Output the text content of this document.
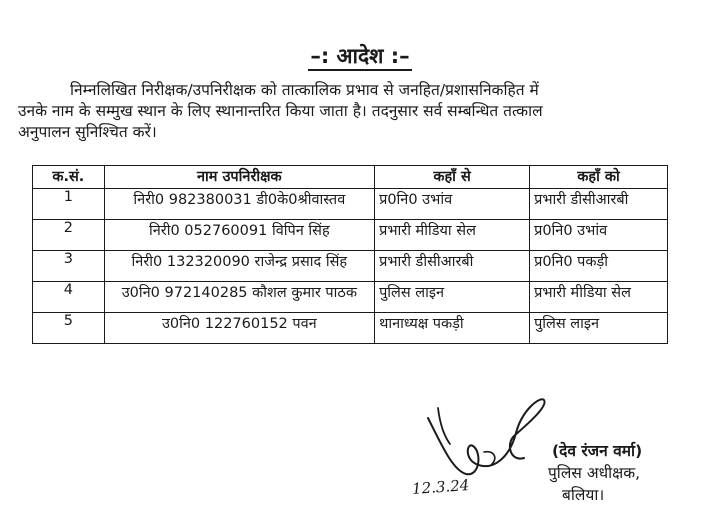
–: आदेश :–
निम्नलिखित निरीक्षक/उपनिरीक्षक को तात्कालिक प्रभाव से जनहित/प्रशासनिकहित में
उनके नाम के सम्मुख स्थान के लिए स्थानान्तरित किया जाता है। तदनुसार सर्व सम्बन्धित तत्काल
अनुपालन सुनिश्चित करें।
क.सं.	नाम उपनिरीक्षक	कहाँ से	कहाँ को
1	निरी0 982380031 डी0के0श्रीवास्तव	प्र0नि0 उभांव	प्रभारी डीसीआरबी
2	निरी0 052760091 विपिन सिंह	प्रभारी मीडिया सेल	प्र0नि0 उभांव
3	निरी0 132320090 राजेन्द्र प्रसाद सिंह	प्रभारी डीसीआरबी	प्र0नि0 पकड़ी
4	उ0नि0 972140285 कौशल कुमार पाठक	पुलिस लाइन	प्रभारी मीडिया सेल
5	उ0नि0 122760152 पवन	थानाध्यक्ष पकड़ी	पुलिस लाइन
12.3.24
(देव रंजन वर्मा)
पुलिस अधीक्षक,
बलिया।
